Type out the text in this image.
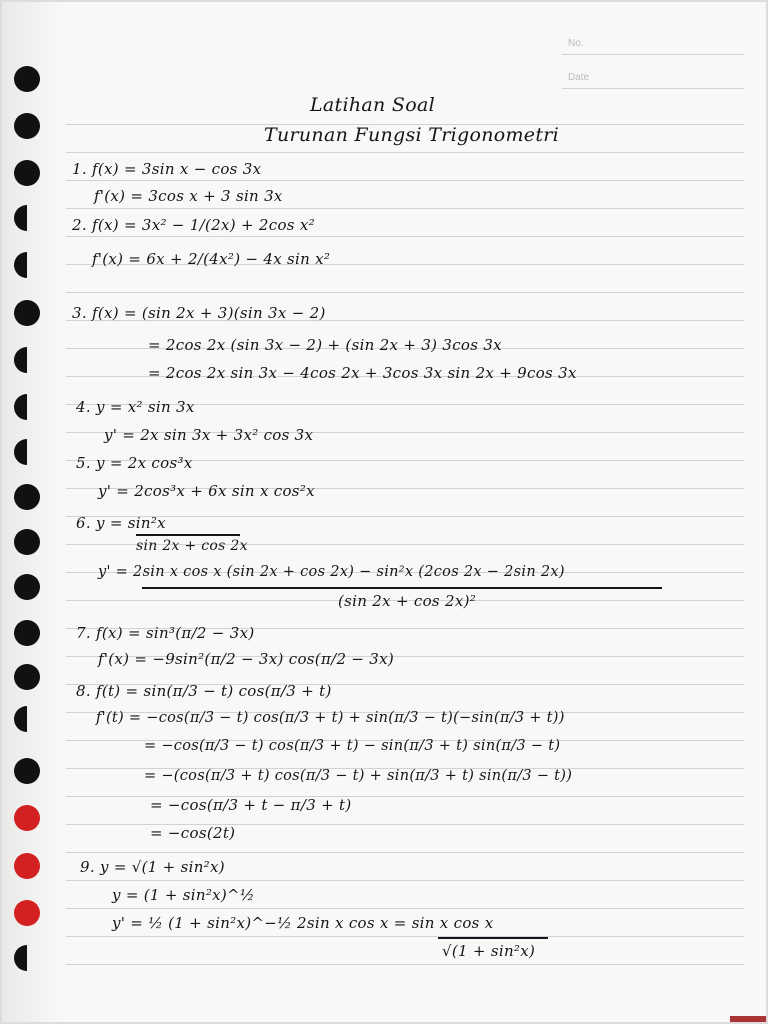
No.
Date
Latihan Soal
Turunan Fungsi Trigonometri
1. f(x) = 3sin x − cos 3x
f'(x) = 3cos x + 3 sin 3x
2. f(x) = 3x² − 1/(2x) + 2cos x²
f'(x) = 6x + 2/(4x²) − 4x sin x²
3. f(x) = (sin 2x + 3)(sin 3x − 2)
= 2cos 2x (sin 3x − 2) + (sin 2x + 3) 3cos 3x
= 2cos 2x sin 3x − 4cos 2x + 3cos 3x sin 2x + 9cos 3x
4. y = x² sin 3x
y' = 2x sin 3x + 3x² cos 3x
5. y = 2x cos³x
y' = 2cos³x + 6x sin x cos²x
6. y = sin²x
sin 2x + cos 2x
y' = 2sin x cos x (sin 2x + cos 2x) − sin²x (2cos 2x − 2sin 2x)
(sin 2x + cos 2x)²
7. f(x) = sin³(π/2 − 3x)
f'(x) = −9sin²(π/2 − 3x) cos(π/2 − 3x)
8. f(t) = sin(π/3 − t) cos(π/3 + t)
f'(t) = −cos(π/3 − t) cos(π/3 + t) + sin(π/3 − t)(−sin(π/3 + t))
= −cos(π/3 − t) cos(π/3 + t) − sin(π/3 + t) sin(π/3 − t)
= −(cos(π/3 + t) cos(π/3 − t) + sin(π/3 + t) sin(π/3 − t))
= −cos(π/3 + t − π/3 + t)
= −cos(2t)
9. y = √(1 + sin²x)
y = (1 + sin²x)^½
y' = ½ (1 + sin²x)^−½ 2sin x cos x = sin x cos x
√(1 + sin²x)
